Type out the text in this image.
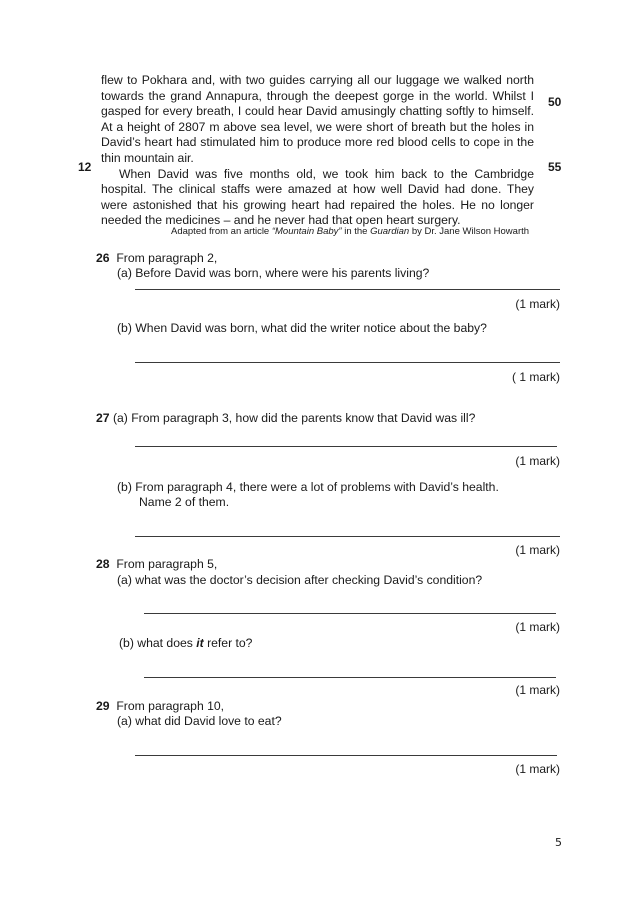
flew to Pokhara and, with two guides carrying all our luggage we walked north towards the grand Annapura, through the deepest gorge in the world. Whilst I gasped for every breath, I could hear David amusingly chatting softly to himself. At a height of 2807 m above sea level, we were short of breath but the holes in David’s heart had stimulated him to produce more red blood cells to cope in the thin mountain air.

When David was five months old, we took him back to the Cambridge hospital. The clinical staffs were amazed at how well David had done. They were astonished that his growing heart had repaired the holes. He no longer needed the medicines – and he never had that open heart surgery.

12
50
55
Adapted from an article “Mountain Baby” in the Guardian by Dr. Jane Wilson Howarth
26 From paragraph 2,
(a) Before David was born, where were his parents living?
(1 mark)
(b) When David was born, what did the writer notice about the baby?
( 1 mark)
27 (a) From paragraph 3, how did the parents know that David was ill?
(1 mark)
(b) From paragraph 4, there were a lot of problems with David’s health.
Name 2 of them.
(1 mark)
28 From paragraph 5,
(a) what was the doctor’s decision after checking David’s condition?
(1 mark)
(b) what does it refer to?
(1 mark)
29 From paragraph 10,
(a) what did David love to eat?
(1 mark)
5
